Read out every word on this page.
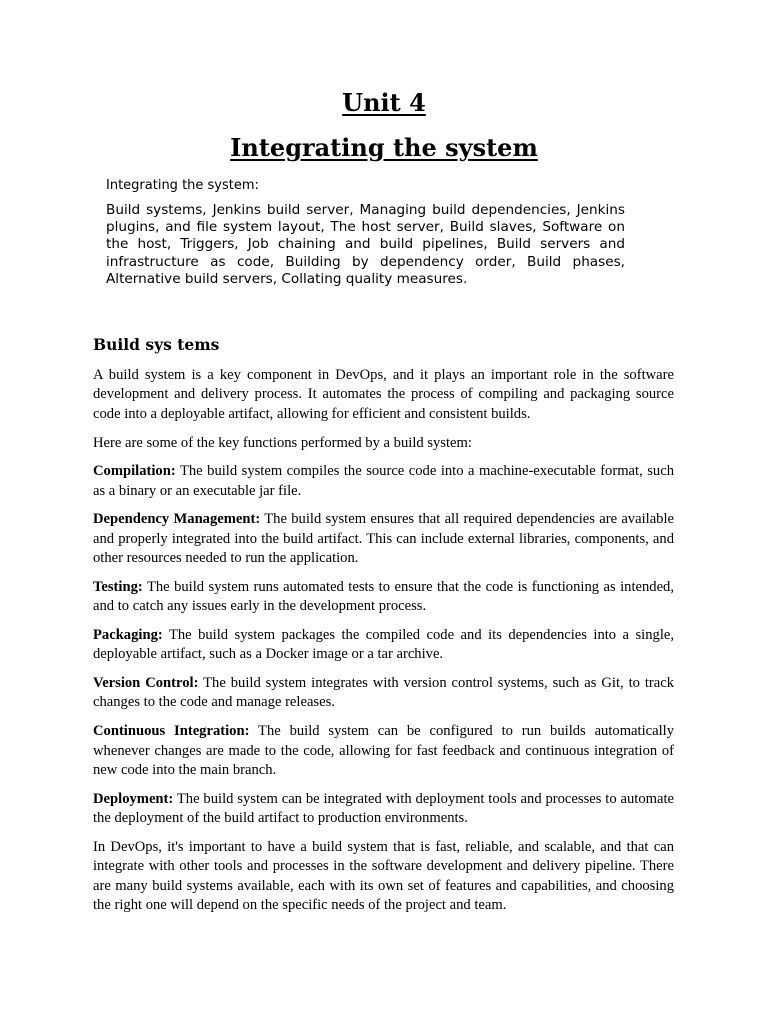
Unit 4
Integrating the system

Integrating the system:

Build systems, Jenkins build server, Managing build dependencies, Jenkins plugins, and file system layout, The host server, Build slaves, Software on the host, Triggers, Job chaining and build pipelines, Build servers and infrastructure as code, Building by dependency order, Build phases, Alternative build servers, Collating quality measures.

Build sys tems

A build system is a key component in DevOps, and it plays an important role in the software development and delivery process. It automates the process of compiling and packaging source code into a deployable artifact, allowing for efficient and consistent builds.

Here are some of the key functions performed by a build system:

Compilation: The build system compiles the source code into a machine-executable format, such as a binary or an executable jar file.

Dependency Management: The build system ensures that all required dependencies are available and properly integrated into the build artifact. This can include external libraries, components, and other resources needed to run the application.

Testing: The build system runs automated tests to ensure that the code is functioning as intended, and to catch any issues early in the development process.

Packaging: The build system packages the compiled code and its dependencies into a single, deployable artifact, such as a Docker image or a tar archive.

Version Control: The build system integrates with version control systems, such as Git, to track changes to the code and manage releases.

Continuous Integration: The build system can be configured to run builds automatically whenever changes are made to the code, allowing for fast feedback and continuous integration of new code into the main branch.

Deployment: The build system can be integrated with deployment tools and processes to automate the deployment of the build artifact to production environments.

In DevOps, it's important to have a build system that is fast, reliable, and scalable, and that can integrate with other tools and processes in the software development and delivery pipeline. There are many build systems available, each with its own set of features and capabilities, and choosing the right one will depend on the specific needs of the project and team.
